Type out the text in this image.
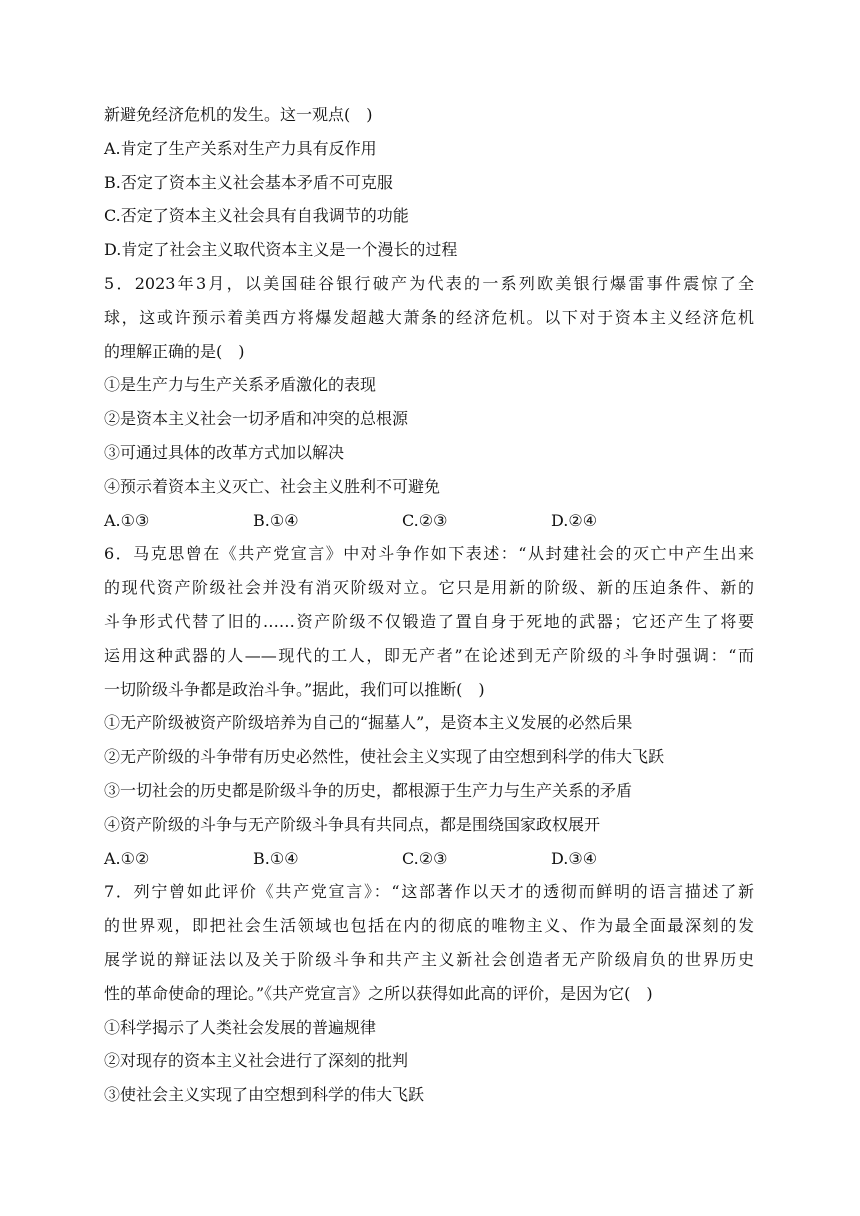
新避免经济危机的发生。这一观点(　)
A.肯定了生产关系对生产力具有反作用
B.否定了资本主义社会基本矛盾不可克服
C.否定了资本主义社会具有自我调节的功能
D.肯定了社会主义取代资本主义是一个漫长的过程
5．2023年3月，以美国硅谷银行破产为代表的一系列欧美银行爆雷事件震惊了全
球，这或许预示着美西方将爆发超越大萧条的经济危机。以下对于资本主义经济危机
的理解正确的是(　)
①是生产力与生产关系矛盾激化的表现
②是资本主义社会一切矛盾和冲突的总根源
③可通过具体的改革方式加以解决
④预示着资本主义灭亡、社会主义胜利不可避免
A.①③	B.①④	C.②③	D.②④
6．马克思曾在《共产党宣言》中对斗争作如下表述：“从封建社会的灭亡中产生出来
的现代资产阶级社会并没有消灭阶级对立。它只是用新的阶级、新的压迫条件、新的
斗争形式代替了旧的……资产阶级不仅锻造了置自身于死地的武器；它还产生了将要
运用这种武器的人——现代的工人，即无产者”在论述到无产阶级的斗争时强调：“而
一切阶级斗争都是政治斗争。”据此，我们可以推断(　)
①无产阶级被资产阶级培养为自己的“掘墓人”，是资本主义发展的必然后果
②无产阶级的斗争带有历史必然性，使社会主义实现了由空想到科学的伟大飞跃
③一切社会的历史都是阶级斗争的历史，都根源于生产力与生产关系的矛盾
④资产阶级的斗争与无产阶级斗争具有共同点，都是围绕国家政权展开
A.①②	B.①④	C.②③	D.③④
7．列宁曾如此评价《共产党宣言》：“这部著作以天才的透彻而鲜明的语言描述了新
的世界观，即把社会生活领域也包括在内的彻底的唯物主义、作为最全面最深刻的发
展学说的辩证法以及关于阶级斗争和共产主义新社会创造者无产阶级肩负的世界历史
性的革命使命的理论。”《共产党宣言》之所以获得如此高的评价，是因为它(　)
①科学揭示了人类社会发展的普遍规律
②对现存的资本主义社会进行了深刻的批判
③使社会主义实现了由空想到科学的伟大飞跃
